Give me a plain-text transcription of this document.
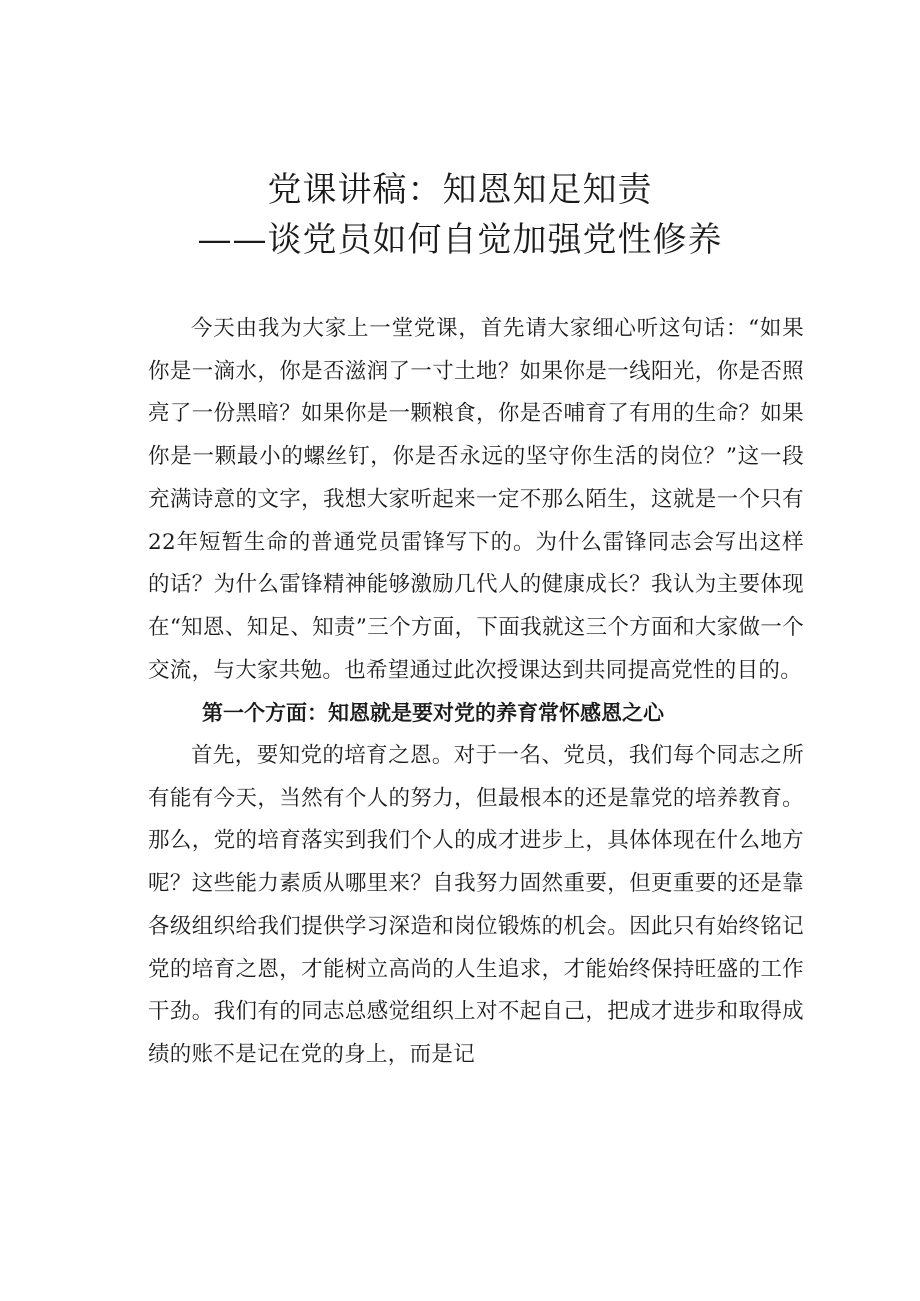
党课讲稿：知恩知足知责
——谈党员如何自觉加强党性修养

今天由我为大家上一堂党课，首先请大家细心听这句话：“如果你是一滴水，你是否滋润了一寸土地？如果你是一线阳光，你是否照亮了一份黑暗？如果你是一颗粮食，你是否哺育了有用的生命？如果你是一颗最小的螺丝钉，你是否永远的坚守你生活的岗位？”这一段充满诗意的文字，我想大家听起来一定不那么陌生，这就是一个只有22年短暂生命的普通党员雷锋写下的。为什么雷锋同志会写出这样的话？为什么雷锋精神能够激励几代人的健康成长？我认为主要体现在“知恩、知足、知责”三个方面，下面我就这三个方面和大家做一个交流，与大家共勉。也希望通过此次授课达到共同提高党性的目的。

第一个方面：知恩就是要对党的养育常怀感恩之心

首先，要知党的培育之恩。对于一名、党员，我们每个同志之所有能有今天，当然有个人的努力，但最根本的还是靠党的培养教育。那么，党的培育落实到我们个人的成才进步上，具体体现在什么地方呢？这些能力素质从哪里来？自我努力固然重要，但更重要的还是靠各级组织给我们提供学习深造和岗位锻炼的机会。因此只有始终铭记党的培育之恩，才能树立高尚的人生追求，才能始终保持旺盛的工作干劲。我们有的同志总感觉组织上对不起自己，把成才进步和取得成绩的账不是记在党的身上，而是记
